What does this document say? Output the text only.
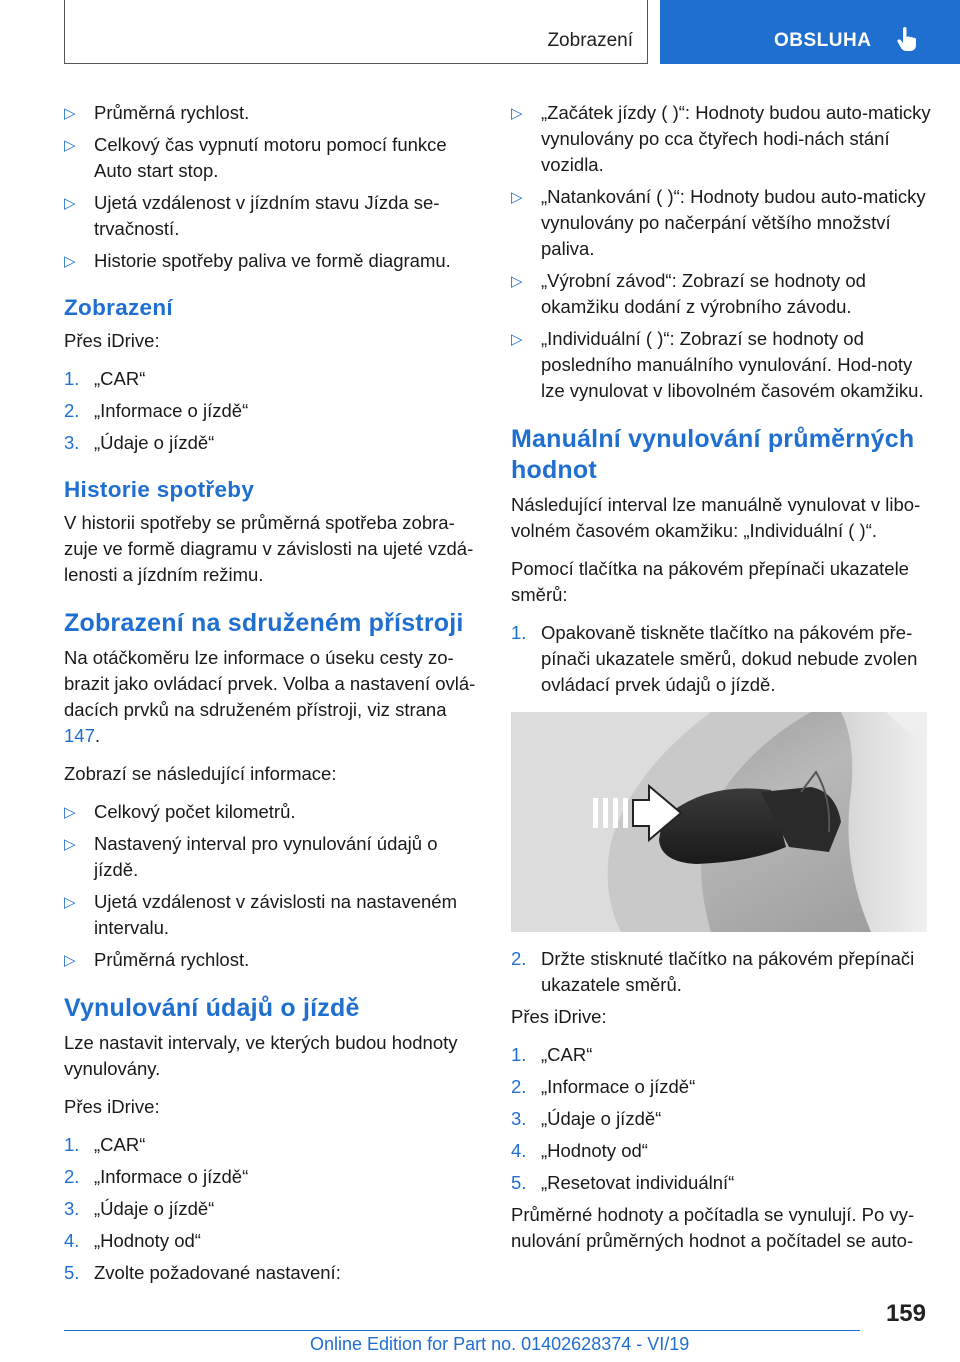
Zobrazení	OBSLUHA
▷ Průměrná rychlost.
▷ Celkový čas vypnutí motoru pomocí funkce Auto start stop.
▷ Ujetá vzdálenost v jízdním stavu Jízda se-trvačností.
▷ Historie spotřeby paliva ve formě diagramu.
Zobrazení

Přes iDrive:

1. „CAR“
2. „Informace o jízdě“
3. „Údaje o jízdě“
Historie spotřeby

V historii spotřeby se průměrná spotřeba zobra-zuje ve formě diagramu v závislosti na ujeté vzdá-lenosti a jízdním režimu.

Zobrazení na sdruženém přístroji

Na otáčkoměru lze informace o úseku cesty zo-brazit jako ovládací prvek. Volba a nastavení ovlá-dacích prvků na sdruženém přístroji, viz strana 147.

Zobrazí se následující informace:

▷ Celkový počet kilometrů.
▷ Nastavený interval pro vynulování údajů o jízdě.
▷ Ujetá vzdálenost v závislosti na nastaveném intervalu.
▷ Průměrná rychlost.
Vynulování údajů o jízdě

Lze nastavit intervaly, ve kterých budou hodnoty vynulovány.

Přes iDrive:

1. „CAR“
2. „Informace o jízdě“
3. „Údaje o jízdě“
4. „Hodnoty od“
5. Zvolte požadované nastavení:
▷ „Začátek jízdy ( )“: Hodnoty budou auto-maticky vynulovány po cca čtyřech hodi-nách stání vozidla.
▷ „Natankování ( )“: Hodnoty budou auto-maticky vynulovány po načerpání většího množství paliva.
▷ „Výrobní závod“: Zobrazí se hodnoty od okamžiku dodání z výrobního závodu.
▷ „Individuální ( )“: Zobrazí se hodnoty od posledního manuálního vynulování. Hod-noty lze vynulovat v libovolném časovém okamžiku.
Manuální vynulování průměrných hodnot

Následující interval lze manuálně vynulovat v libo-volném časovém okamžiku: „Individuální ( )“.

Pomocí tlačítka na pákovém přepínači ukazatele směrů:

1. Opakovaně tiskněte tlačítko na pákovém pře-pínači ukazatele směrů, dokud nebude zvolen ovládací prvek údajů o jízdě.
2. Držte stisknuté tlačítko na pákovém přepínači ukazatele směrů.

Přes iDrive:

1. „CAR“
2. „Informace o jízdě“
3. „Údaje o jízdě“
4. „Hodnoty od“
5. „Resetovat individuální“

Průměrné hodnoty a počítadla se vynulují. Po vy-nulování průměrných hodnot a počítadel se auto-

159
Online Edition for Part no. 01402628374 - VI/19
